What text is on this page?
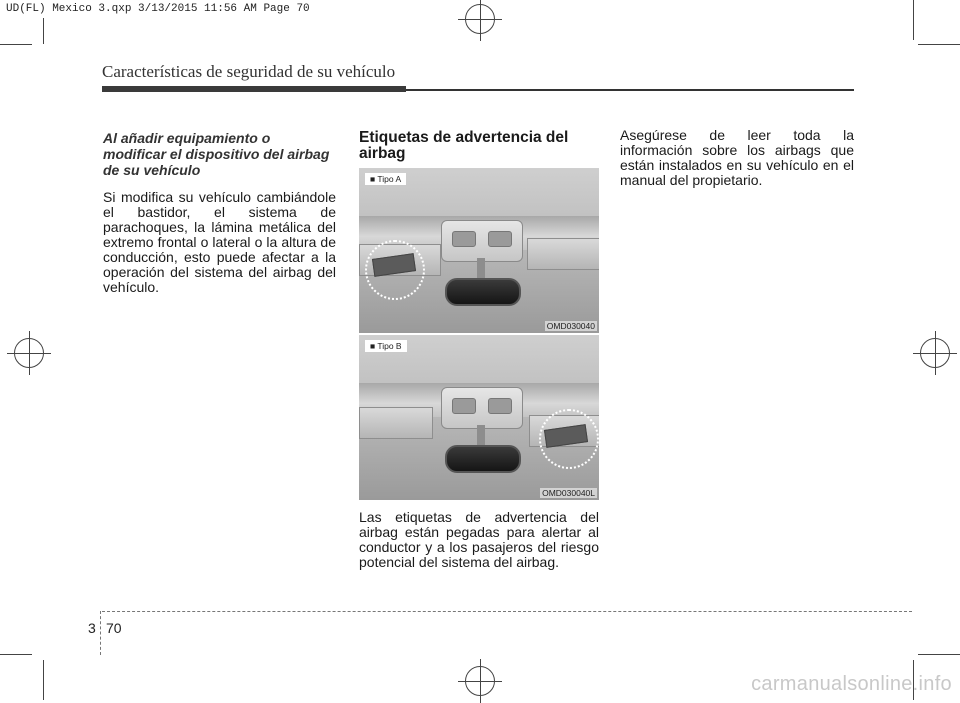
UD(FL) Mexico 3.qxp 3/13/2015 11:56 AM Page 70
Características de seguridad de su vehículo
Al añadir equipamiento o modificar el dispositivo del airbag de su vehículo

Si modifica su vehículo cambiándole el bastidor, el sistema de parachoques, la lámina metálica del extremo frontal o lateral o la altura de conducción, esto puede afectar a la operación del sistema del airbag del vehículo.

Etiquetas de advertencia del airbag
■ Tipo A
OMD030040
■ Tipo B
OMD030040L

Las etiquetas de advertencia del airbag están pegadas para alertar al conductor y a los pasajeros del riesgo potencial del sistema del airbag.

Asegúrese de leer toda la información sobre los airbags que están instalados en su vehículo en el manual del propietario.

3 70
carmanualsonline.info
